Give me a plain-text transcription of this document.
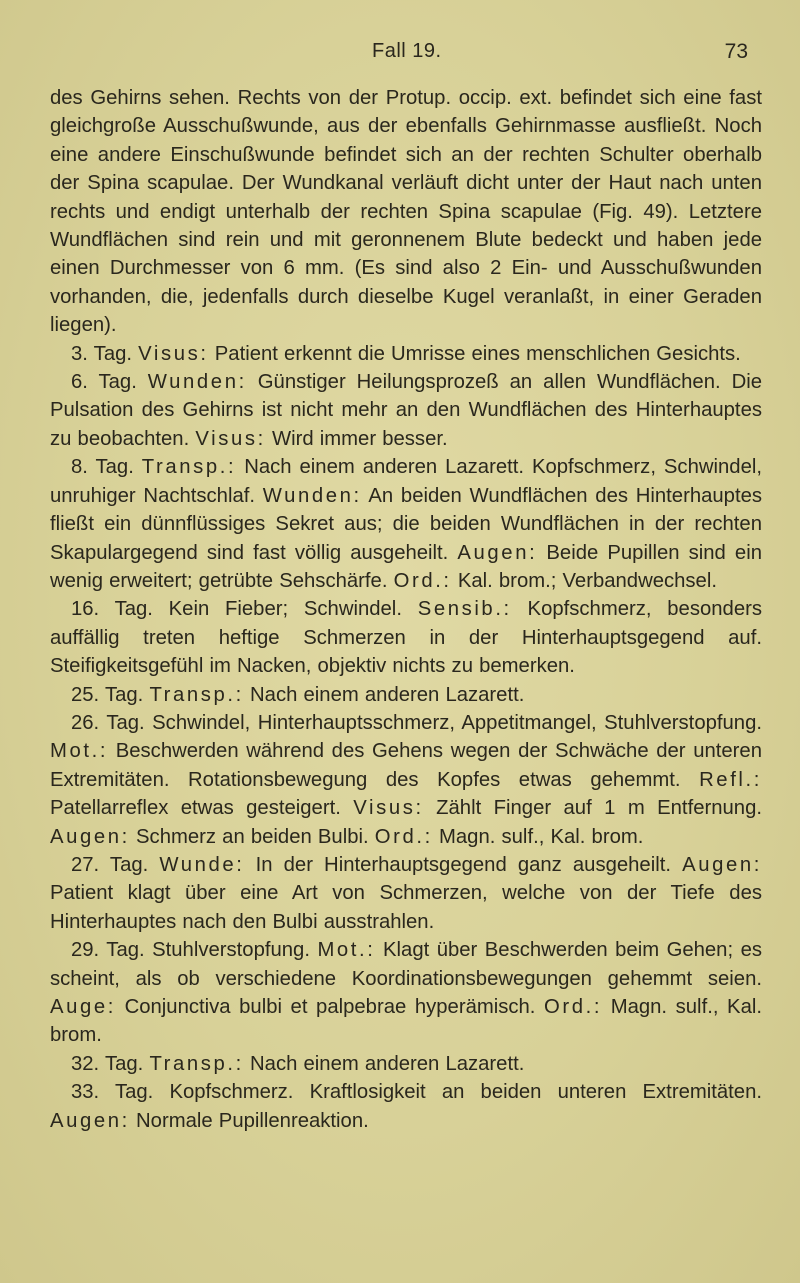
Fall 19.	73

des Gehirns sehen. Rechts von der Protup. occip. ext. befindet sich eine fast gleichgroße Ausschußwunde, aus der ebenfalls Gehirnmasse ausfließt. Noch eine andere Einschußwunde befindet sich an der rechten Schulter oberhalb der Spina scapulae. Der Wundkanal verläuft dicht unter der Haut nach unten rechts und endigt unterhalb der rechten Spina scapulae (Fig. 49). Letztere Wundflächen sind rein und mit geronnenem Blute bedeckt und haben jede einen Durchmesser von 6 mm. (Es sind also 2 Ein- und Ausschußwunden vorhanden, die, jedenfalls durch dieselbe Kugel veranlaßt, in einer Geraden liegen).

3. Tag. Visus: Patient erkennt die Umrisse eines menschlichen Gesichts.

6. Tag. Wunden: Günstiger Heilungsprozeß an allen Wundflächen. Die Pulsation des Gehirns ist nicht mehr an den Wundflächen des Hinterhauptes zu beobachten. Visus: Wird immer besser.

8. Tag. Transp.: Nach einem anderen Lazarett. Kopfschmerz, Schwindel, unruhiger Nachtschlaf. Wunden: An beiden Wundflächen des Hinterhauptes fließt ein dünnflüssiges Sekret aus; die beiden Wundflächen in der rechten Skapulargegend sind fast völlig ausgeheilt. Augen: Beide Pupillen sind ein wenig erweitert; getrübte Sehschärfe. Ord.: Kal. brom.; Verbandwechsel.

16. Tag. Kein Fieber; Schwindel. Sensib.: Kopfschmerz, besonders auffällig treten heftige Schmerzen in der Hinterhauptsgegend auf. Steifigkeitsgefühl im Nacken, objektiv nichts zu bemerken.

25. Tag. Transp.: Nach einem anderen Lazarett.

26. Tag. Schwindel, Hinterhauptsschmerz, Appetitmangel, Stuhlverstopfung. Mot.: Beschwerden während des Gehens wegen der Schwäche der unteren Extremitäten. Rotationsbewegung des Kopfes etwas gehemmt. Refl.: Patellarreflex etwas gesteigert. Visus: Zählt Finger auf 1 m Entfernung. Augen: Schmerz an beiden Bulbi. Ord.: Magn. sulf., Kal. brom.

27. Tag. Wunde: In der Hinterhauptsgegend ganz ausgeheilt. Augen: Patient klagt über eine Art von Schmerzen, welche von der Tiefe des Hinterhauptes nach den Bulbi ausstrahlen.

29. Tag. Stuhlverstopfung. Mot.: Klagt über Beschwerden beim Gehen; es scheint, als ob verschiedene Koordinationsbewegungen gehemmt seien. Auge: Conjunctiva bulbi et palpebrae hyperämisch. Ord.: Magn. sulf., Kal. brom.

32. Tag. Transp.: Nach einem anderen Lazarett.

33. Tag. Kopfschmerz. Kraftlosigkeit an beiden unteren Extremitäten. Augen: Normale Pupillenreaktion.
